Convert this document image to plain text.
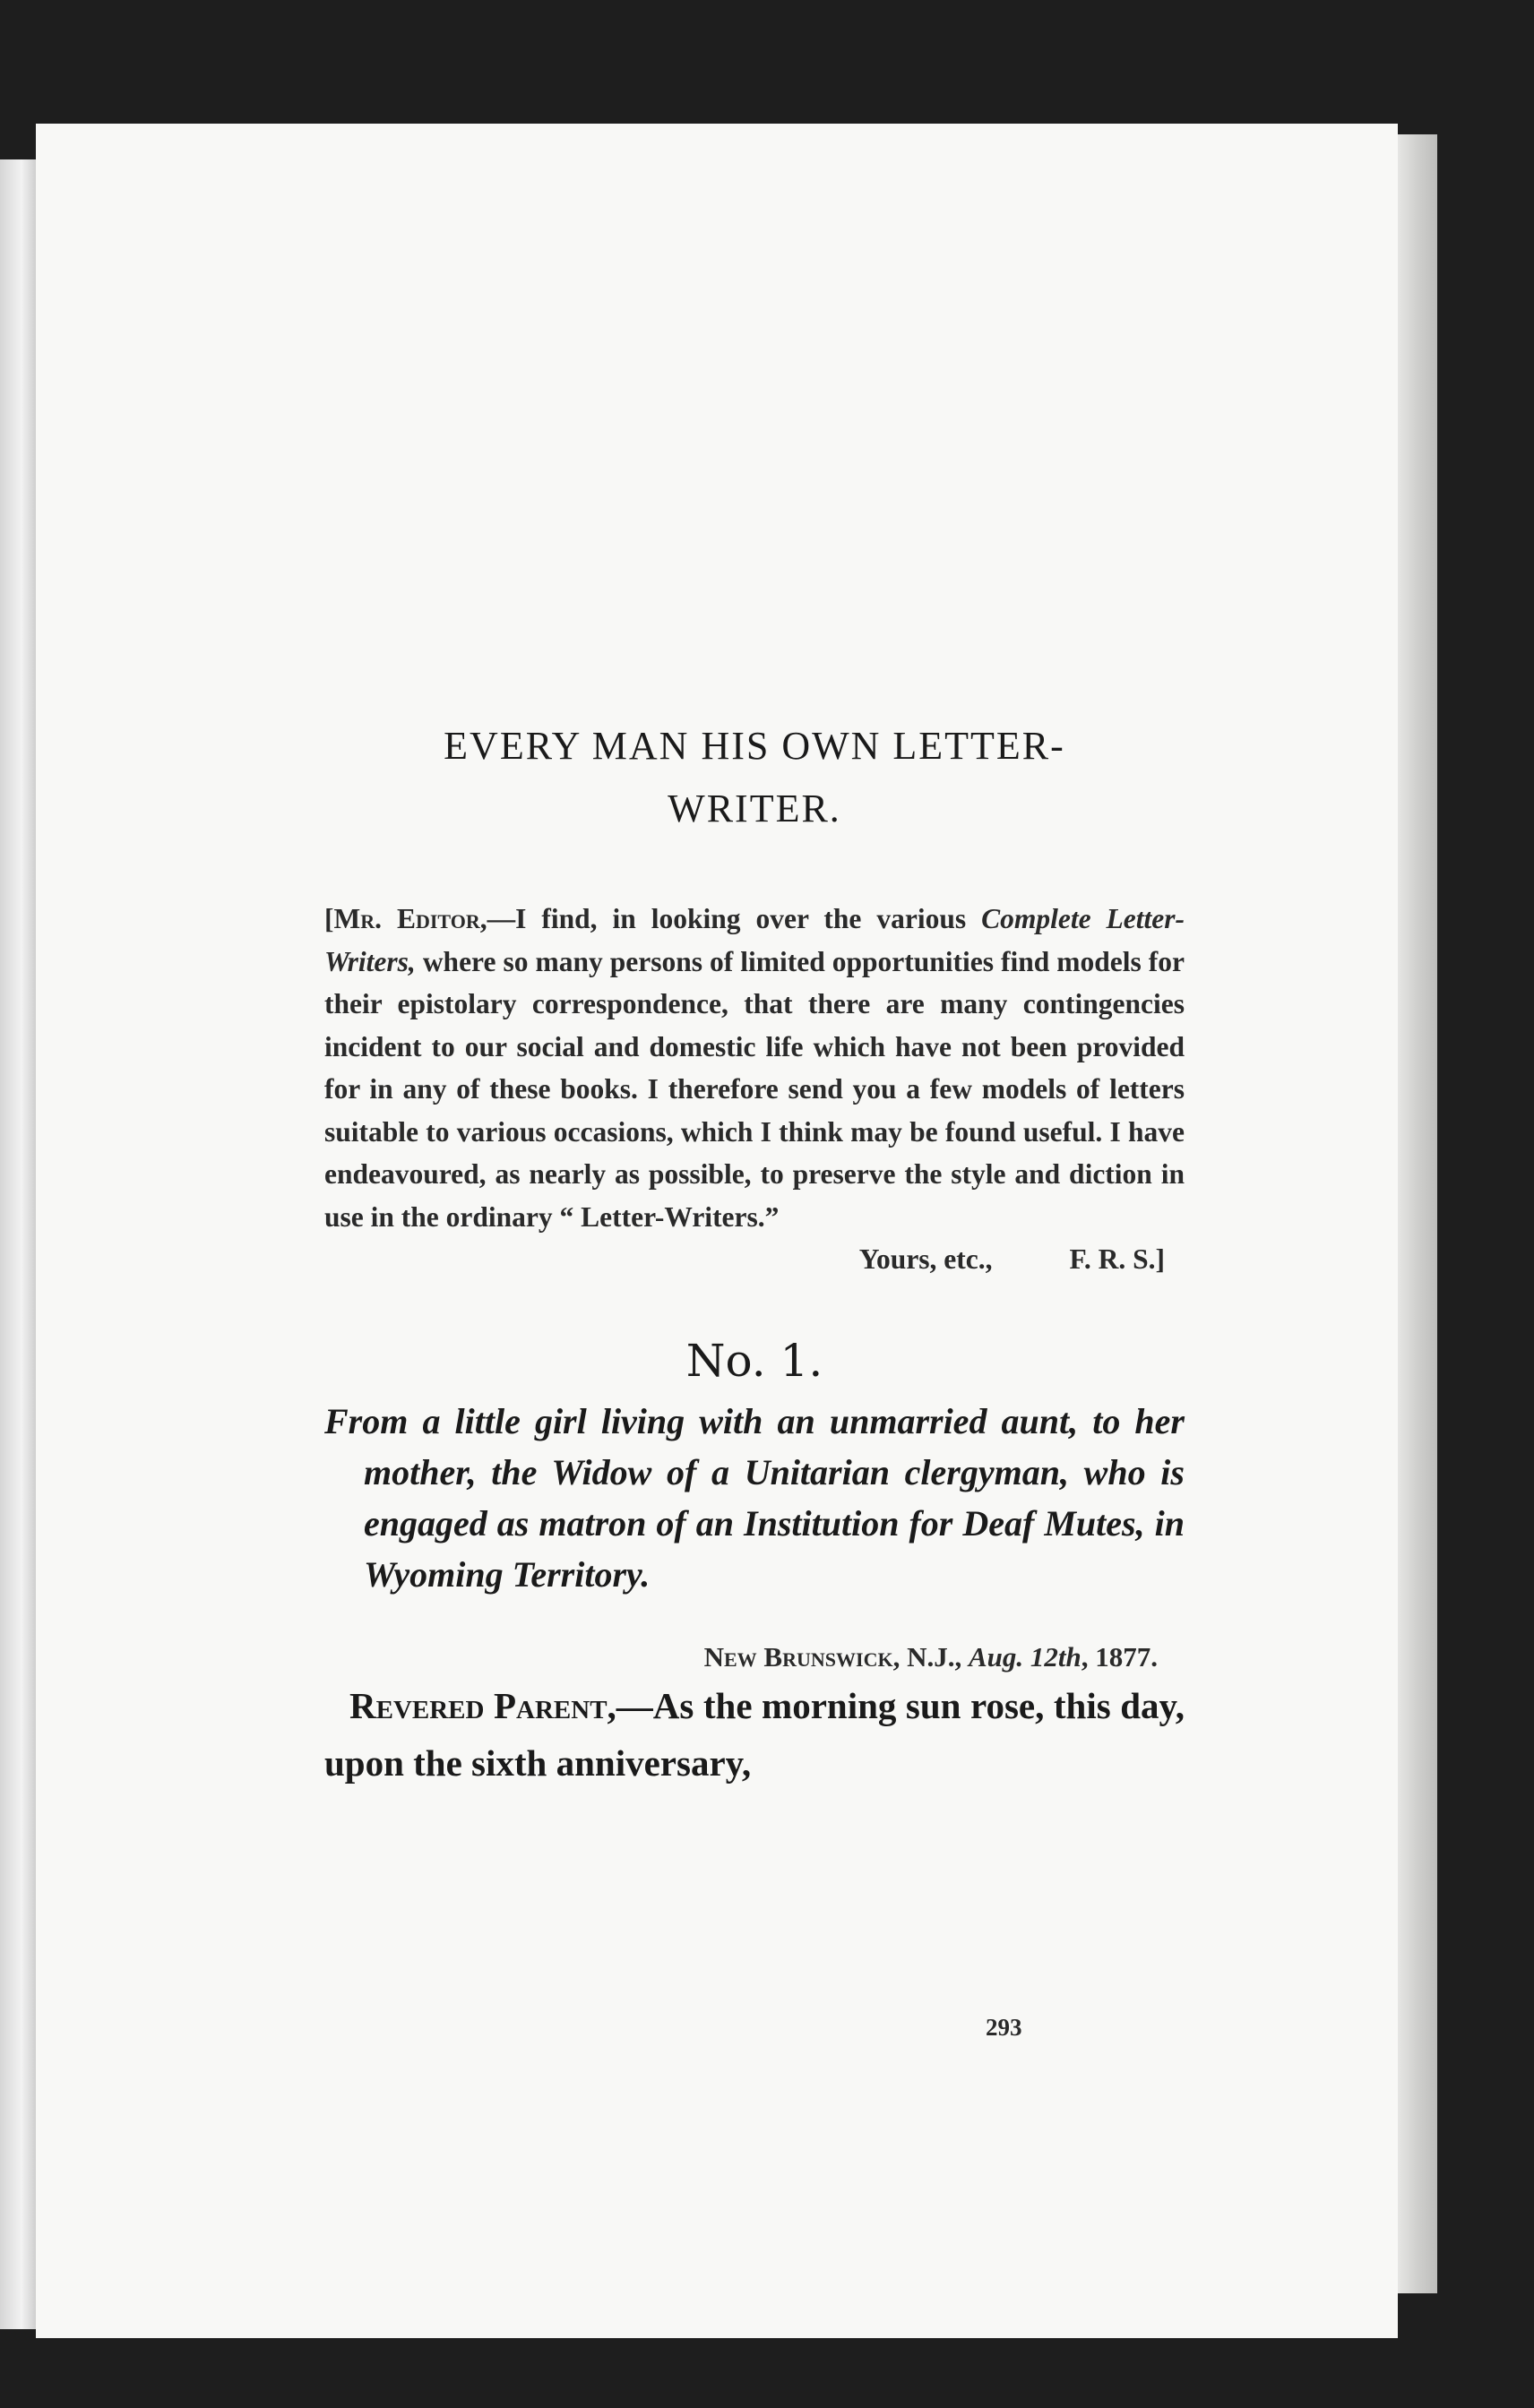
EVERY MAN HIS OWN LETTER-
WRITER.
[Mr. Editor,—I find, in looking over the various Complete Letter-Writers, where so many persons of limited opportunities find models for their epistolary correspondence, that there are many contingencies incident to our social and domestic life which have not been provided for in any of these books. I therefore send you a few models of letters suitable to various occasions, which I think may be found useful. I have endeavoured, as nearly as possible, to preserve the style and diction in use in the ordinary “ Letter-Writers.”
Yours, etc.,	F. R. S.]
No. 1.
From a little girl living with an unmarried aunt, to her mother, the Widow of a Unitarian clergyman, who is engaged as matron of an Institution for Deaf Mutes, in Wyoming Territory.
New Brunswick, N.J., Aug. 12th, 1877.
Revered Parent,—As the morning sun rose, this day, upon the sixth anniversary,
293
